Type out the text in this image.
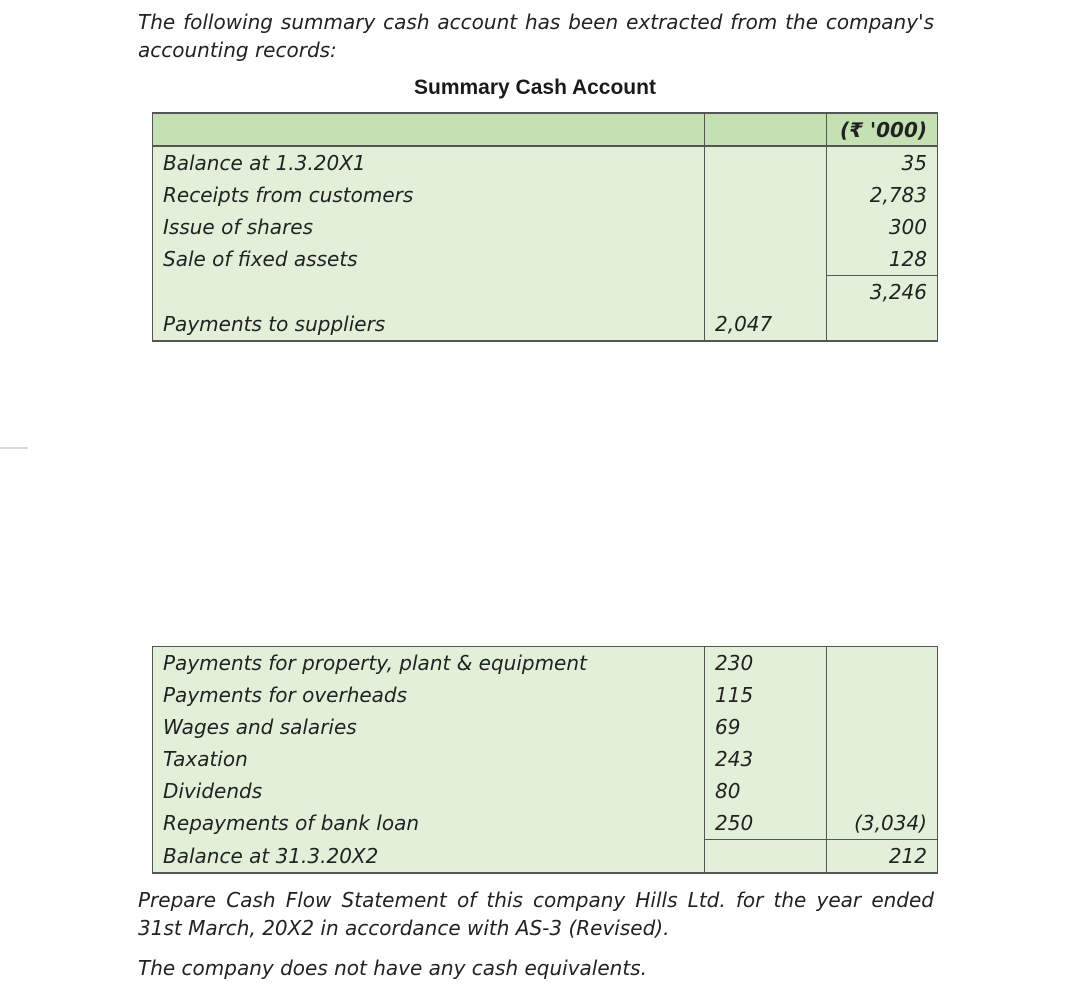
The following summary cash account has been extracted from the company's accounting records:

Summary Cash Account
		(₹ '000)
Balance at 1.3.20X1		35
Receipts from customers		2,783
Issue of shares		300
Sale of fixed assets		128
		3,246
Payments to suppliers	2,047	
Payments for property, plant & equipment	230	
Payments for overheads	115	
Wages and salaries	69	
Taxation	243	
Dividends	80	
Repayments of bank loan	250	(3,034)
Balance at 31.3.20X2		212

Prepare Cash Flow Statement of this company Hills Ltd. for the year ended 31st March, 20X2 in accordance with AS-3 (Revised).

The company does not have any cash equivalents.
